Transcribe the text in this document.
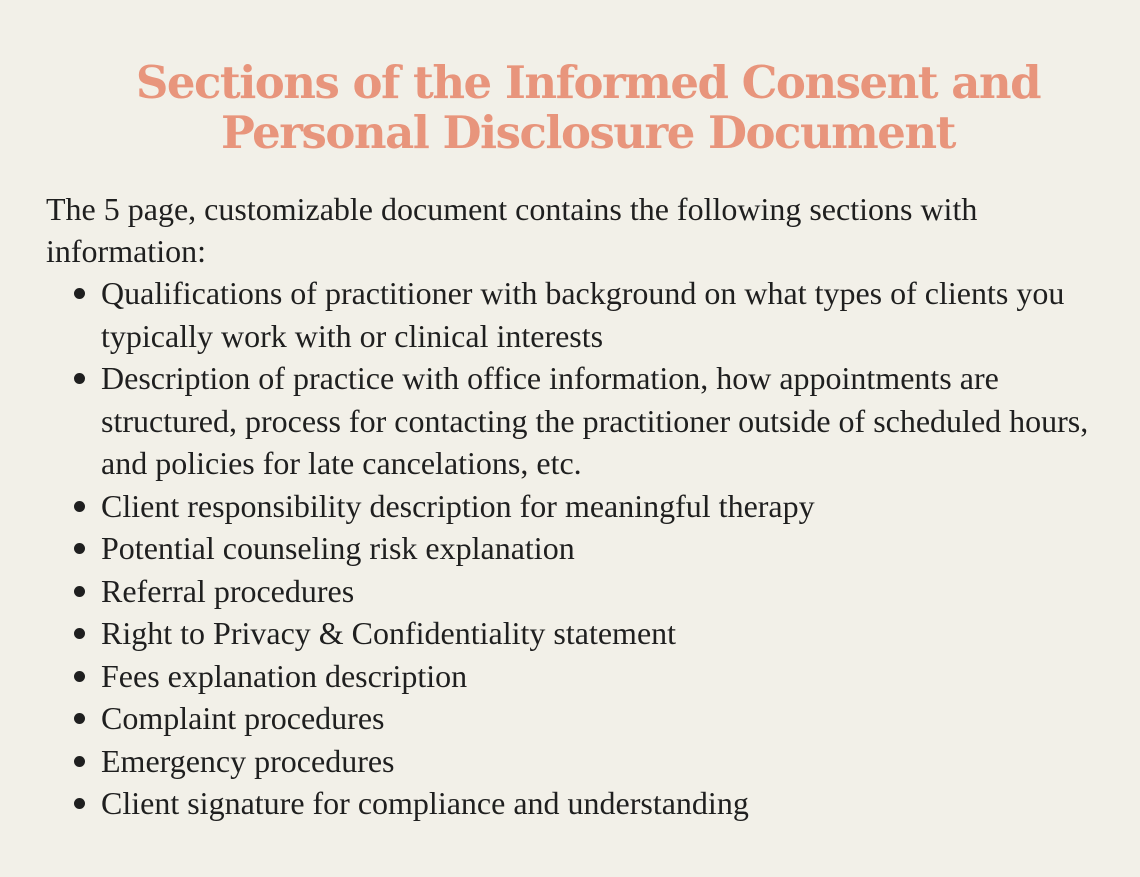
Sections of the Informed Consent and Personal Disclosure Document

The 5 page, customizable document contains the following sections with information:

Qualifications of practitioner with background on what types of clients you typically work with or clinical interests
Description of practice with office information, how appointments are structured, process for contacting the practitioner outside of scheduled hours, and policies for late cancelations, etc.
Client responsibility description for meaningful therapy
Potential counseling risk explanation
Referral procedures
Right to Privacy & Confidentiality statement
Fees explanation description
Complaint procedures
Emergency procedures
Client signature for compliance and understanding
